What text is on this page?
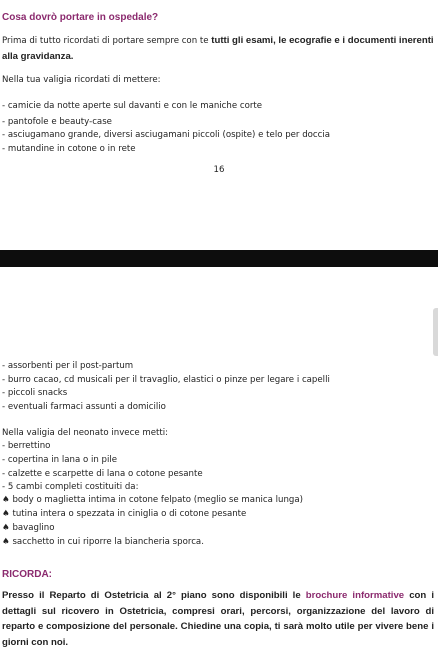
Cosa dovrò portare in ospedale?
Prima di tutto ricordati di portare sempre con te tutti gli esami, le ecografie e i documenti inerenti alla gravidanza.
Nella tua valigia ricordati di mettere:
- camicie da notte aperte sul davanti e con le maniche corte
- pantofole e beauty-case
- asciugamano grande, diversi asciugamani piccoli (ospite) e telo per doccia
- mutandine in cotone o in rete
16
- assorbenti per il post-partum
- burro cacao, cd musicali per il travaglio, elastici o pinze per legare i capelli
- piccoli snacks
- eventuali farmaci assunti a domicilio
Nella valigia del neonato invece metti:
- berrettino
- copertina in lana o in pile
- calzette e scarpette di lana o cotone pesante
- 5 cambi completi costituiti da:
♠ body o maglietta intima in cotone felpato (meglio se manica lunga)
♠ tutina intera o spezzata in ciniglia o di cotone pesante
♠ bavaglino
♠ sacchetto in cui riporre la biancheria sporca.
RICORDA:
Presso il Reparto di Ostetricia al 2° piano sono disponibili le brochure informative con i dettagli sul ricovero in Ostetricia, compresi orari, percorsi, organizzazione del lavoro di reparto e composizione del personale. Chiedine una copia, ti sarà molto utile per vivere bene i giorni con noi.
